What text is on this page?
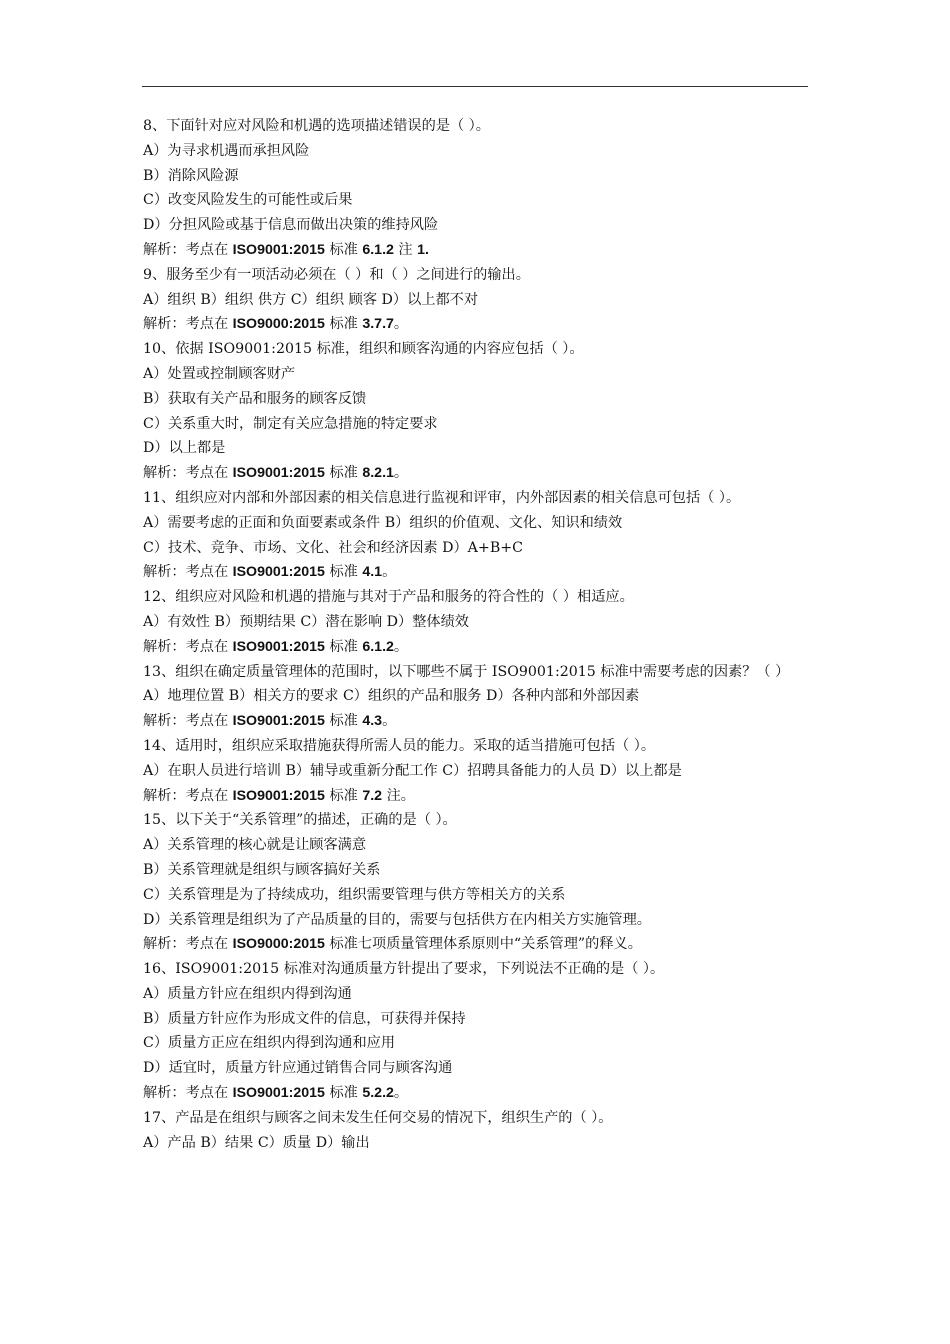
8、下面针对应对风险和机遇的选项描述错误的是（ ）。
A）为寻求机遇而承担风险
B）消除风险源
C）改变风险发生的可能性或后果
D）分担风险或基于信息而做出决策的维持风险
解析：考点在 ISO9001:2015 标准 6.1.2 注 1.
9、服务至少有一项活动必须在（ ）和（ ）之间进行的输出。
A）组织 B）组织 供方 C）组织 顾客 D）以上都不对
解析：考点在 ISO9000:2015 标准 3.7.7。
10、依据 ISO9001:2015 标准，组织和顾客沟通的内容应包括（ ）。
A）处置或控制顾客财产
B）获取有关产品和服务的顾客反馈
C）关系重大时，制定有关应急措施的特定要求
D）以上都是
解析：考点在 ISO9001:2015 标准 8.2.1。
11、组织应对内部和外部因素的相关信息进行监视和评审，内外部因素的相关信息可包括（ ）。
A）需要考虑的正面和负面要素或条件 B）组织的价值观、文化、知识和绩效
C）技术、竞争、市场、文化、社会和经济因素 D）A+B+C
解析：考点在 ISO9001:2015 标准 4.1。
12、组织应对风险和机遇的措施与其对于产品和服务的符合性的（ ）相适应。
A）有效性 B）预期结果 C）潜在影响 D）整体绩效
解析：考点在 ISO9001:2015 标准 6.1.2。
13、组织在确定质量管理体的范围时，以下哪些不属于 ISO9001:2015 标准中需要考虑的因素？（ ）
A）地理位置 B）相关方的要求 C）组织的产品和服务 D）各种内部和外部因素
解析：考点在 ISO9001:2015 标准 4.3。
14、适用时，组织应采取措施获得所需人员的能力。采取的适当措施可包括（ ）。
A）在职人员进行培训 B）辅导或重新分配工作 C）招聘具备能力的人员 D）以上都是
解析：考点在 ISO9001:2015 标准 7.2 注。
15、以下关于“关系管理”的描述，正确的是（ ）。
A）关系管理的核心就是让顾客满意
B）关系管理就是组织与顾客搞好关系
C）关系管理是为了持续成功，组织需要管理与供方等相关方的关系
D）关系管理是组织为了产品质量的目的，需要与包括供方在内相关方实施管理。
解析：考点在 ISO9000:2015 标准七项质量管理体系原则中“关系管理”的释义。
16、ISO9001:2015 标准对沟通质量方针提出了要求，下列说法不正确的是（ ）。
A）质量方针应在组织内得到沟通
B）质量方针应作为形成文件的信息，可获得并保持
C）质量方正应在组织内得到沟通和应用
D）适宜时，质量方针应通过销售合同与顾客沟通
解析：考点在 ISO9001:2015 标准 5.2.2。
17、产品是在组织与顾客之间未发生任何交易的情况下，组织生产的（ ）。
A）产品 B）结果 C）质量 D）输出
